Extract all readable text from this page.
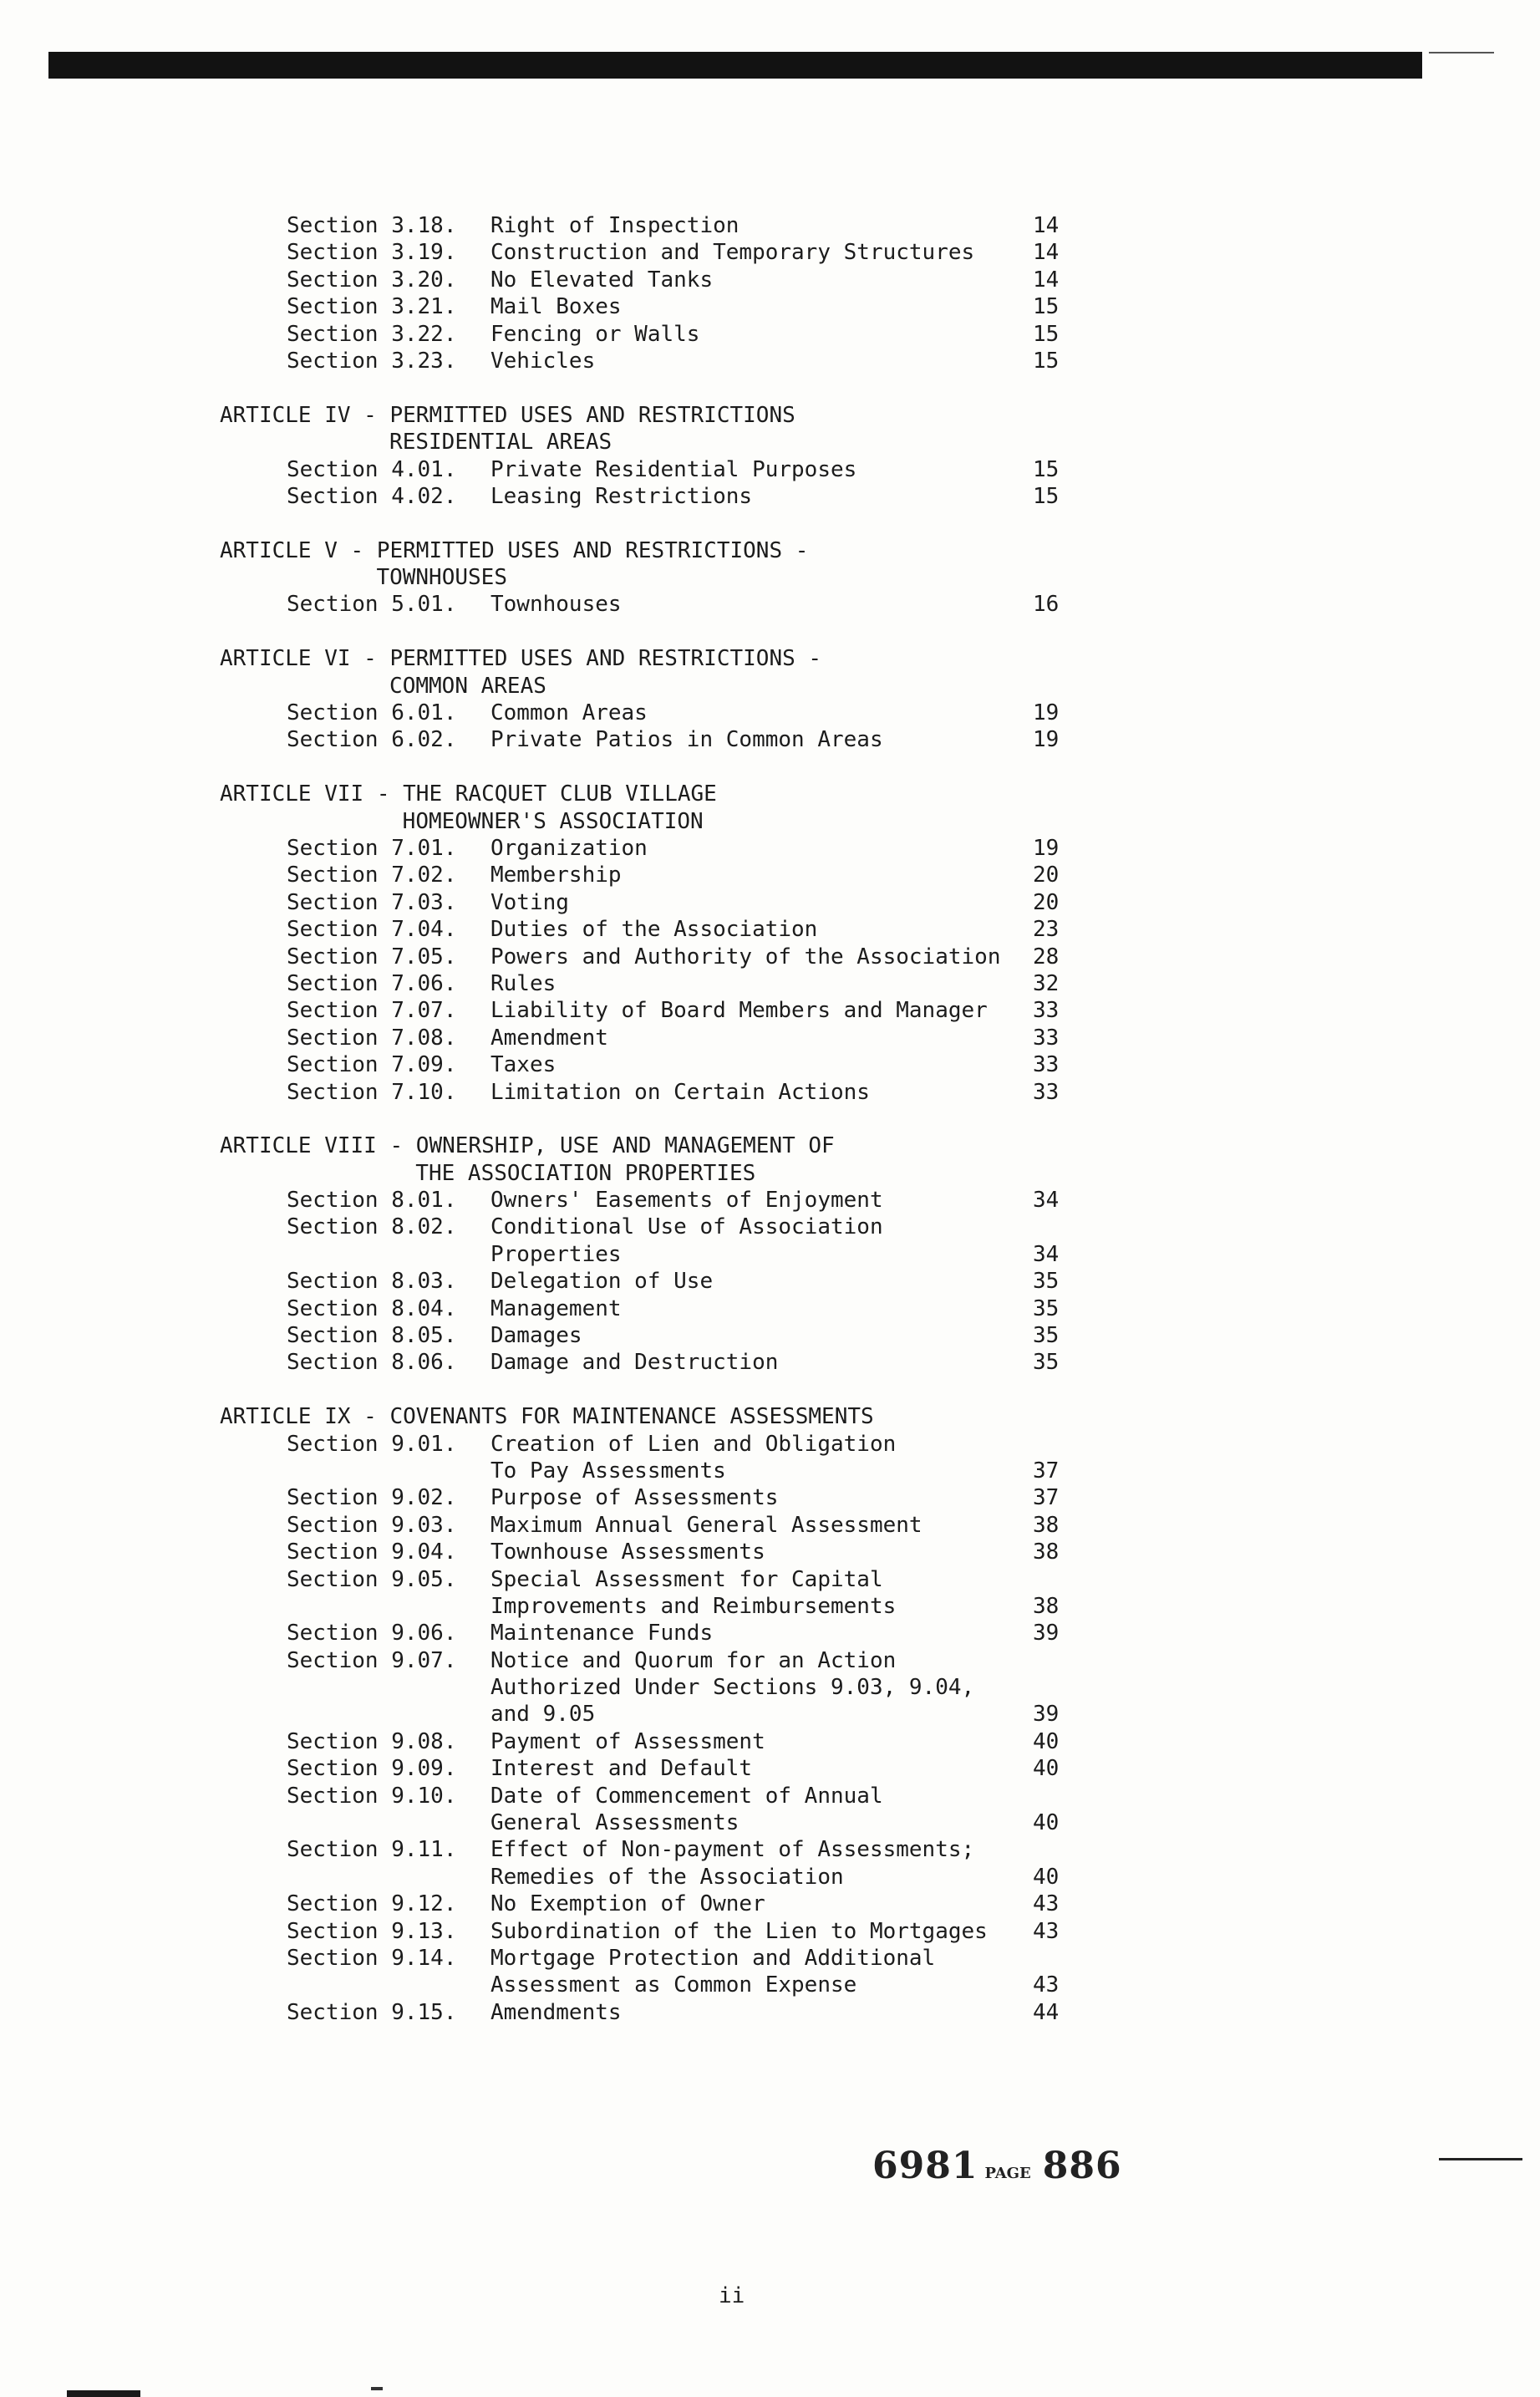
Section 3.18. Right of Inspection	14
Section 3.19. Construction and Temporary Structures	14
Section 3.20. No Elevated Tanks	14
Section 3.21. Mail Boxes	15
Section 3.22. Fencing or Walls	15
Section 3.23. Vehicles	15
ARTICLE IV - PERMITTED USES AND RESTRICTIONS
RESIDENTIAL AREAS
Section 4.01. Private Residential Purposes	15
Section 4.02. Leasing Restrictions	15
ARTICLE V - PERMITTED USES AND RESTRICTIONS -
TOWNHOUSES
Section 5.01. Townhouses	16
ARTICLE VI - PERMITTED USES AND RESTRICTIONS -
COMMON AREAS
Section 6.01. Common Areas	19
Section 6.02. Private Patios in Common Areas	19
ARTICLE VII - THE RACQUET CLUB VILLAGE
HOMEOWNER'S ASSOCIATION
Section 7.01. Organization	19
Section 7.02. Membership	20
Section 7.03. Voting	20
Section 7.04. Duties of the Association	23
Section 7.05. Powers and Authority of the Association 28
Section 7.06. Rules	32
Section 7.07. Liability of Board Members and Manager 33
Section 7.08. Amendment	33
Section 7.09. Taxes	33
Section 7.10. Limitation on Certain Actions	33
ARTICLE VIII - OWNERSHIP, USE AND MANAGEMENT OF
THE ASSOCIATION PROPERTIES
Section 8.01. Owners' Easements of Enjoyment	34
Section 8.02. Conditional Use of Association
Properties	34
Section 8.03. Delegation of Use	35
Section 8.04. Management	35
Section 8.05. Damages	35
Section 8.06. Damage and Destruction	35
ARTICLE IX - COVENANTS FOR MAINTENANCE ASSESSMENTS
Section 9.01. Creation of Lien and Obligation
To Pay Assessments	37
Section 9.02. Purpose of Assessments	37
Section 9.03. Maximum Annual General Assessment	38
Section 9.04. Townhouse Assessments	38
Section 9.05. Special Assessment for Capital
Improvements and Reimbursements	38
Section 9.06. Maintenance Funds	39
Section 9.07. Notice and Quorum for an Action
Authorized Under Sections 9.03, 9.04,
and 9.05	39
Section 9.08. Payment of Assessment	40
Section 9.09. Interest and Default	40
Section 9.10. Date of Commencement of Annual
General Assessments	40
Section 9.11. Effect of Non-payment of Assessments;
Remedies of the Association	40
Section 9.12. No Exemption of Owner	43
Section 9.13. Subordination of the Lien to Mortgages 43
Section 9.14. Mortgage Protection and Additional
Assessment as Common Expense	43
Section 9.15. Amendments	44
6981 PAGE 886
ii
